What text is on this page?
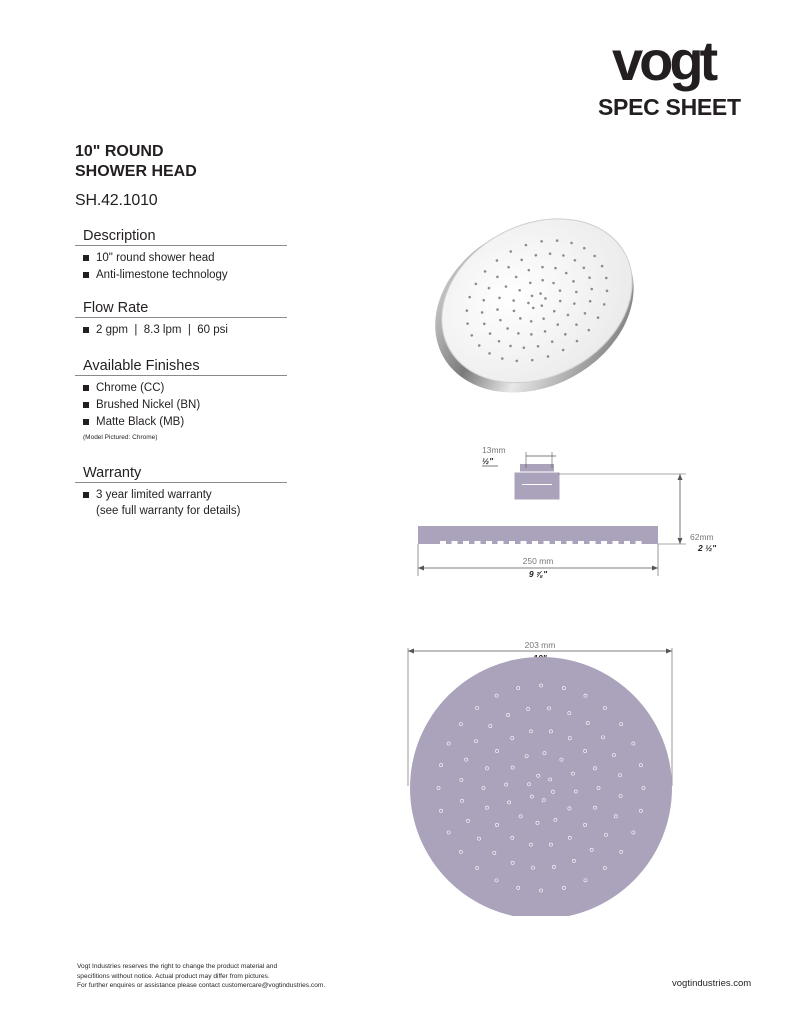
vogt
SPEC SHEET
10" ROUND
SHOWER HEAD
SH.42.1010
Description
10" round shower head
Anti-limestone technology
Flow Rate
2 gpm  |  8.3 lpm  |  60 psi
Available Finishes
Chrome (CC)
Brushed Nickel (BN)
Matte Black (MB)
(Model Pictured: Chrome)
Warranty
3 year limited warranty
(see full warranty for details)
13mm
½"
62mm
2 ½"
250 mm
9 ⅞"
203 mm
Vogt Industries reserves the right to change the product material and
specifitions without notice. Actual product may differ from pictures.
For further enquires or assistance please contact customercare@vogtindustries.com.	vogtindustries.com
